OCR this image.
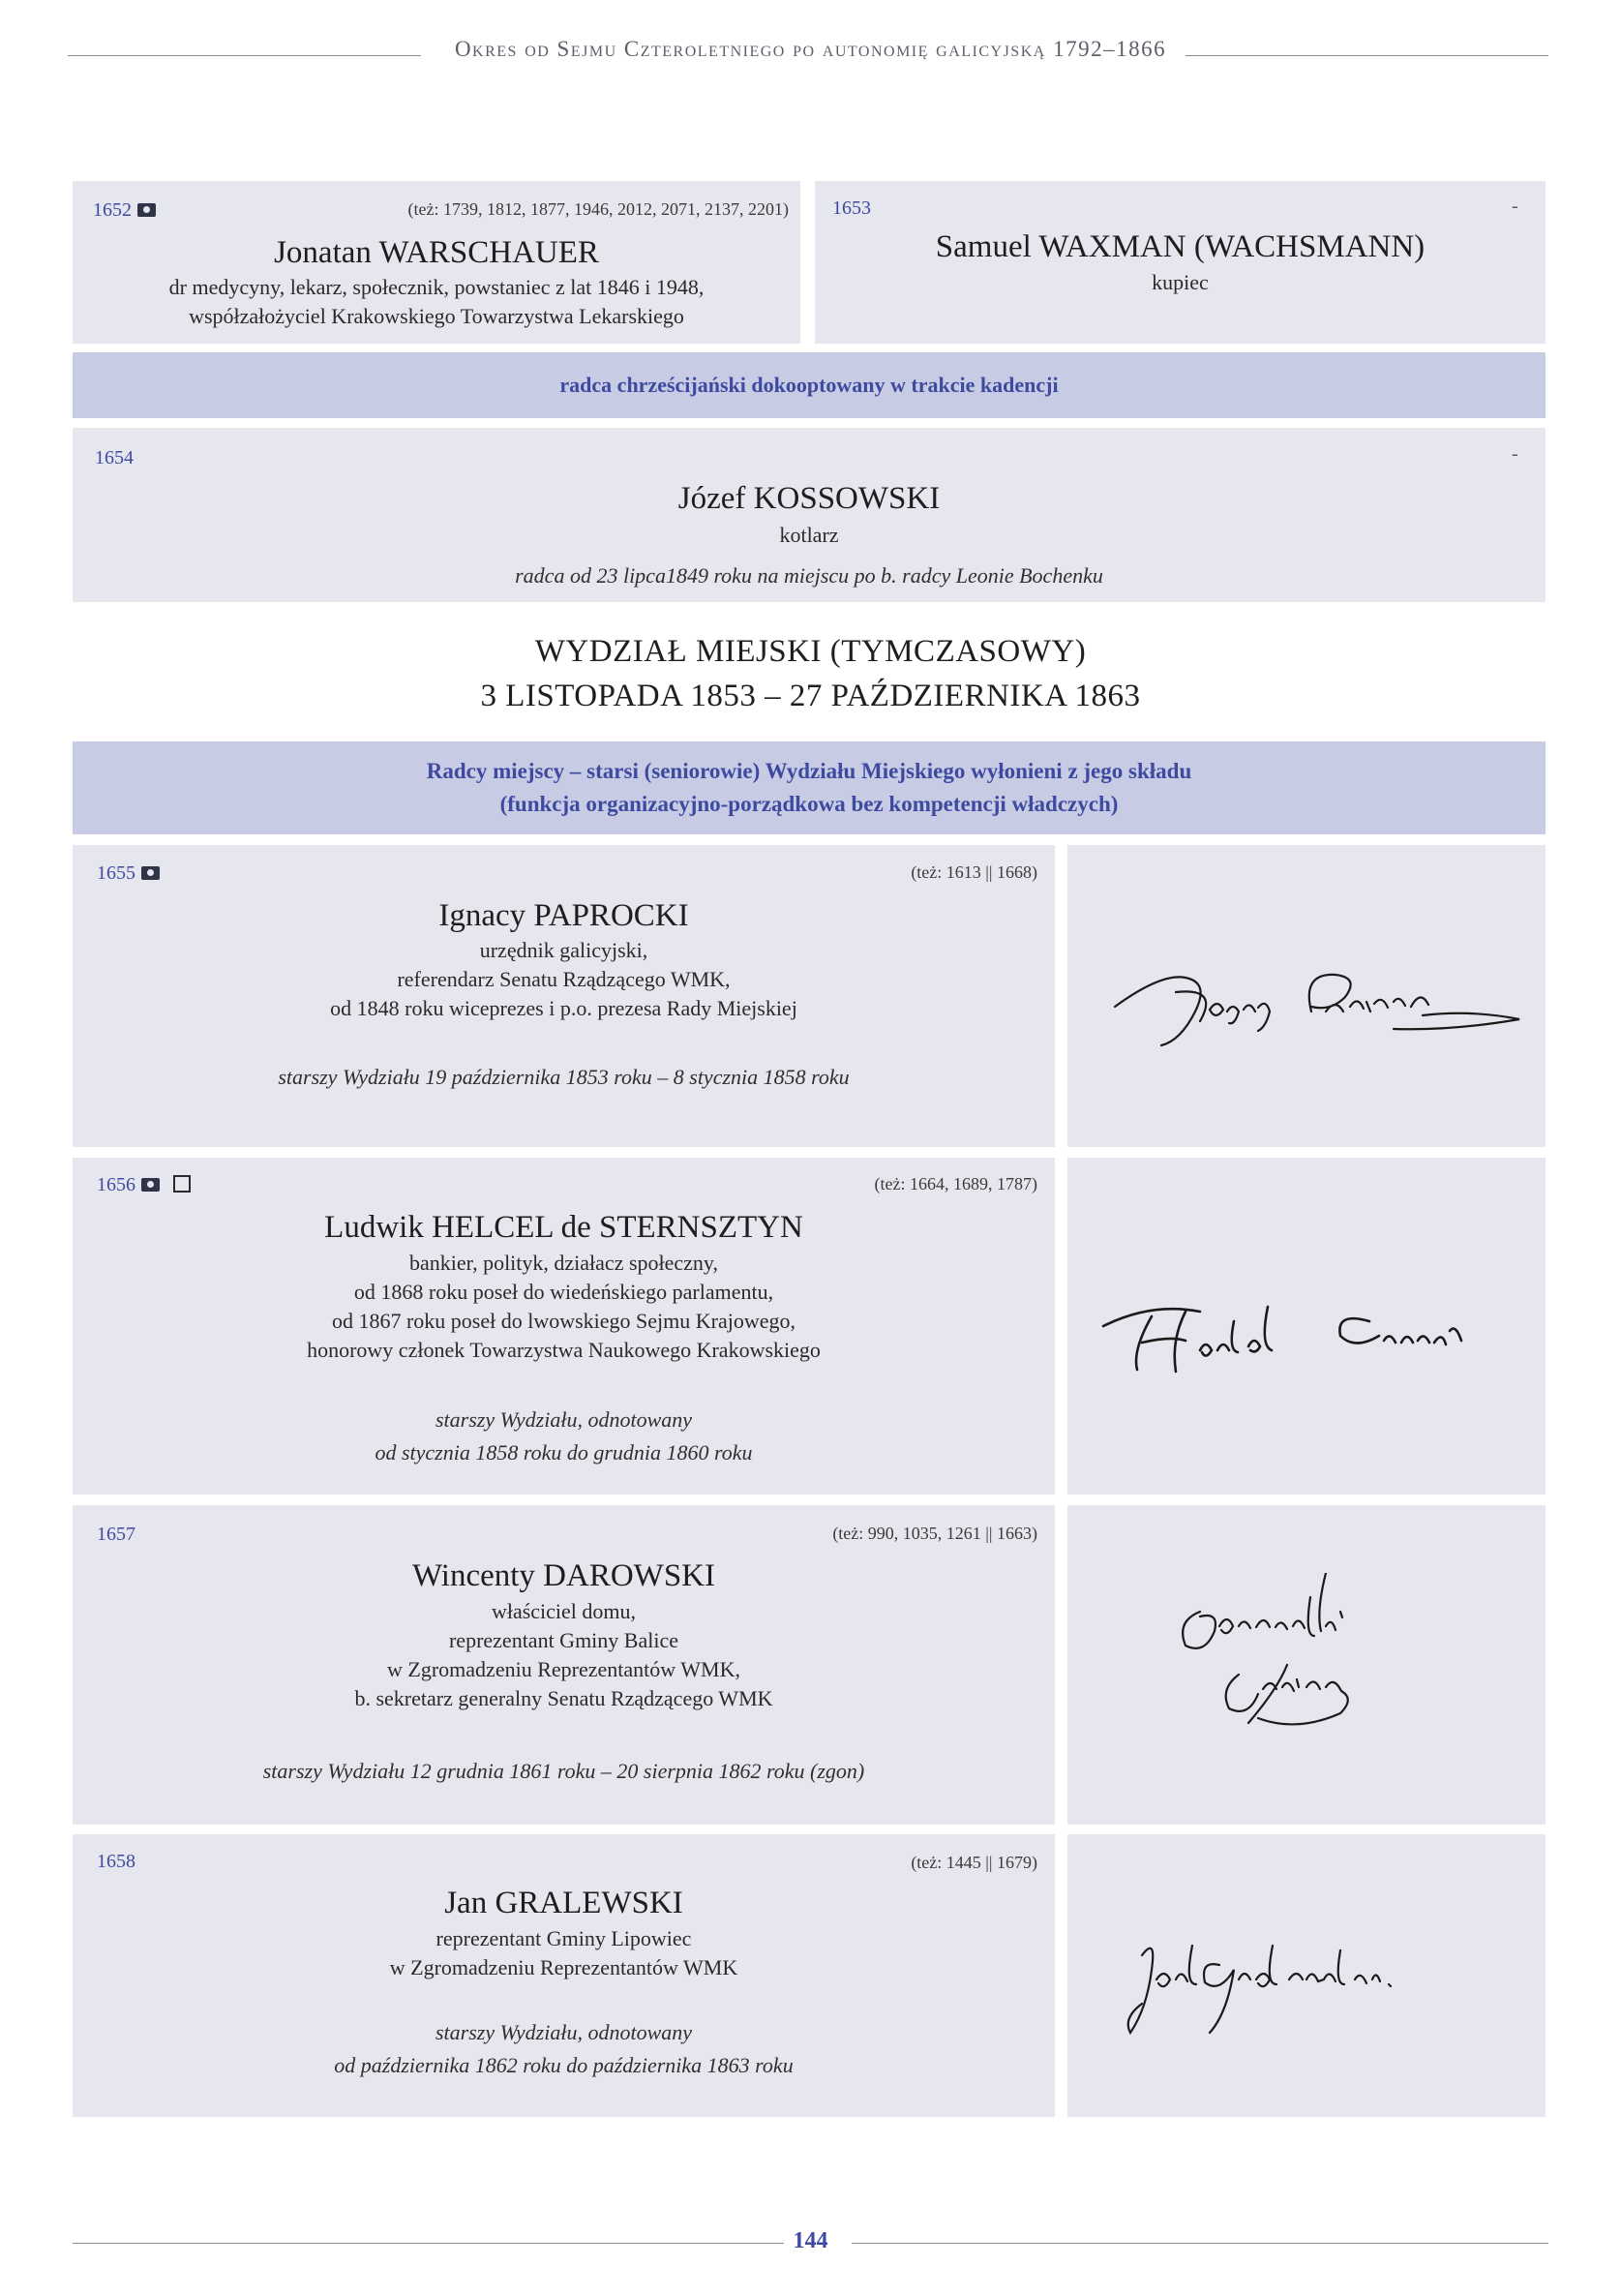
Okres od Sejmu Czteroletniego po autonomię galicyjską 1792–1866
1652	(też: 1739, 1812, 1877, 1946, 2012, 2071, 2137, 2201)
Jonatan WARSCHAUER
dr medycyny, lekarz, społecznik, powstaniec z lat 1846 i 1948,
współzałożyciel Krakowskiego Towarzystwa Lekarskiego
1653	-
Samuel WAXMAN (WACHSMANN)
kupiec
radca chrześcijański dokooptowany w trakcie kadencji
1654	-
Józef KOSSOWSKI
kotlarz
radca od 23 lipca1849 roku na miejscu po b. radcy Leonie Bochenku
WYDZIAŁ MIEJSKI (TYMCZASOWY)
3 LISTOPADA 1853 – 27 PAŹDZIERNIKA 1863
Radcy miejscy – starsi (seniorowie) Wydziału Miejskiego wyłonieni z jego składu
(funkcja organizacyjno-porządkowa bez kompetencji władczych)
1655	(też: 1613 || 1668)
Ignacy PAPROCKI
urzędnik galicyjski,
referendarz Senatu Rządzącego WMK,
od 1848 roku wiceprezes i p.o. prezesa Rady Miejskiej
starszy Wydziału 19 października 1853 roku – 8 stycznia 1858 roku
1656	(też: 1664, 1689, 1787)
Ludwik HELCEL de STERNSZTYN
bankier, polityk, działacz społeczny,
od 1868 roku poseł do wiedeńskiego parlamentu,
od 1867 roku poseł do lwowskiego Sejmu Krajowego,
honorowy członek Towarzystwa Naukowego Krakowskiego
starszy Wydziału, odnotowany
od stycznia 1858 roku do grudnia 1860 roku
1657	(też: 990, 1035, 1261 || 1663)
Wincenty DAROWSKI
właściciel domu,
reprezentant Gminy Balice
w Zgromadzeniu Reprezentantów WMK,
b. sekretarz generalny Senatu Rządzącego WMK
starszy Wydziału 12 grudnia 1861 roku – 20 sierpnia 1862 roku (zgon)
1658	(też: 1445 || 1679)
Jan GRALEWSKI
reprezentant Gminy Lipowiec
w Zgromadzeniu Reprezentantów WMK
starszy Wydziału, odnotowany
od października 1862 roku do października 1863 roku
144
